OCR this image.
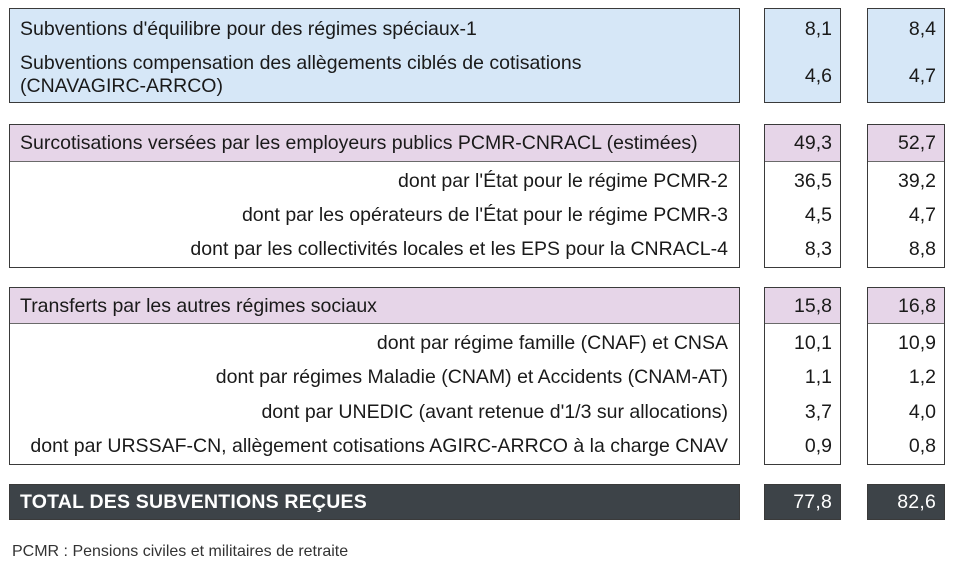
Subventions d'équilibre pour des régimes spéciaux-1
Subventions compensation des allègements ciblés de cotisations (CNAVAGIRC-ARRCO)
8,1
4,6
8,4
4,7
Surcotisations versées par les employeurs publics PCMR-CNRACL (estimées)
dont par l'État pour le régime PCMR-2
dont par les opérateurs de l'État pour le régime PCMR-3
dont par les collectivités locales et les EPS pour la CNRACL-4
49,3
36,5
4,5
8,3
52,7
39,2
4,7
8,8
Transferts par les autres régimes sociaux
dont par régime famille (CNAF) et CNSA
dont par régimes Maladie (CNAM) et Accidents (CNAM-AT)
dont par UNEDIC (avant retenue d'1/3 sur allocations)
dont par URSSAF-CN, allègement cotisations AGIRC-ARRCO à la charge CNAV
15,8
10,1
1,1
3,7
0,9
16,8
10,9
1,2
4,0
0,8
TOTAL DES SUBVENTIONS REÇUES	77,8	82,6
PCMR : Pensions civiles et militaires de retraite
